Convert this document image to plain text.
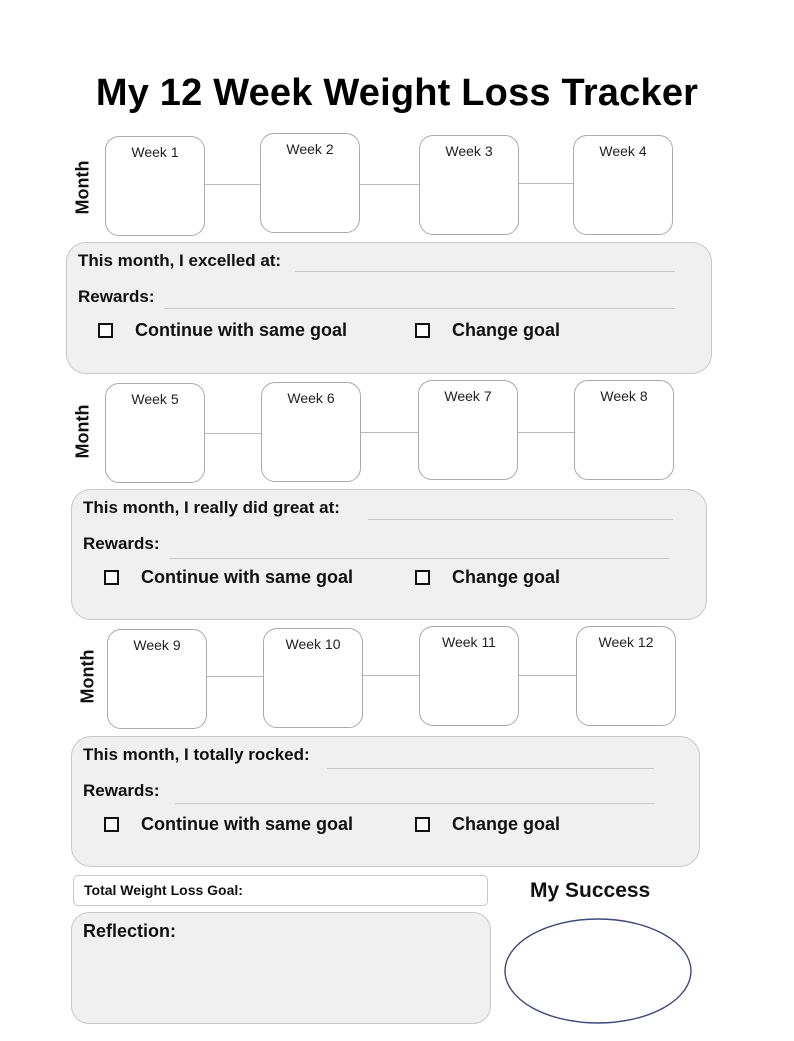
My 12 Week Weight Loss Tracker
Month
Week 1	Week 2	Week 3	Week 4
This month, I excelled at:
Rewards:
Continue with same goal	Change goal
Month
Week 5	Week 6	Week 7	Week 8
This month, I really did great at:
Rewards:
Continue with same goal	Change goal
Month
Week 9	Week 10	Week 11	Week 12
This month, I totally rocked:
Rewards:
Continue with same goal	Change goal
Total Weight Loss Goal:
Reflection:
My Success
